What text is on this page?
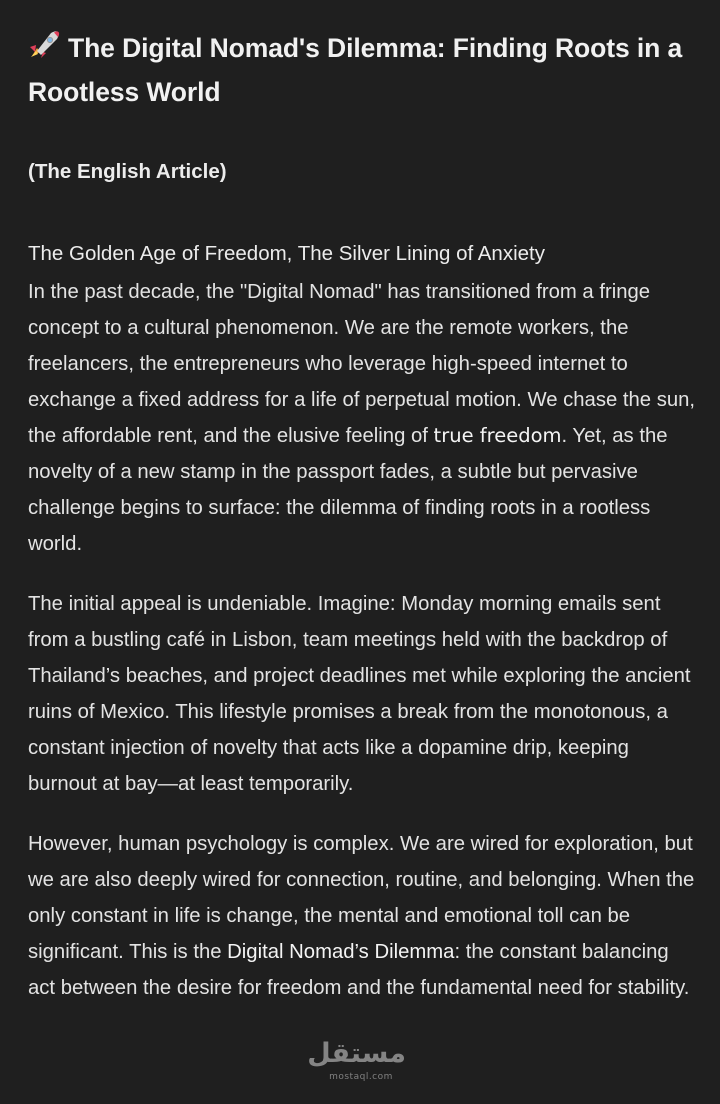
The Digital Nomad's Dilemma: Finding Roots in a Rootless World

(The English Article)

The Golden Age of Freedom, The Silver Lining of Anxiety

In the past decade, the "Digital Nomad" has transitioned from a fringe concept to a cultural phenomenon. We are the remote workers, the freelancers, the entrepreneurs who leverage high-speed internet to exchange a fixed address for a life of perpetual motion. We chase the sun, the affordable rent, and the elusive feeling of true freedom. Yet, as the novelty of a new stamp in the passport fades, a subtle but pervasive challenge begins to surface: the dilemma of finding roots in a rootless world.

The initial appeal is undeniable. Imagine: Monday morning emails sent from a bustling café in Lisbon, team meetings held with the backdrop of Thailand’s beaches, and project deadlines met while exploring the ancient ruins of Mexico. This lifestyle promises a break from the monotonous, a constant injection of novelty that acts like a dopamine drip, keeping burnout at bay—at least temporarily.

However, human psychology is complex. We are wired for exploration, but we are also deeply wired for connection, routine, and belonging. When the only constant in life is change, the mental and emotional toll can be significant. This is the Digital Nomad’s Dilemma: the constant balancing act between the desire for freedom and the fundamental need for stability.

مستقل
mostaql.com
